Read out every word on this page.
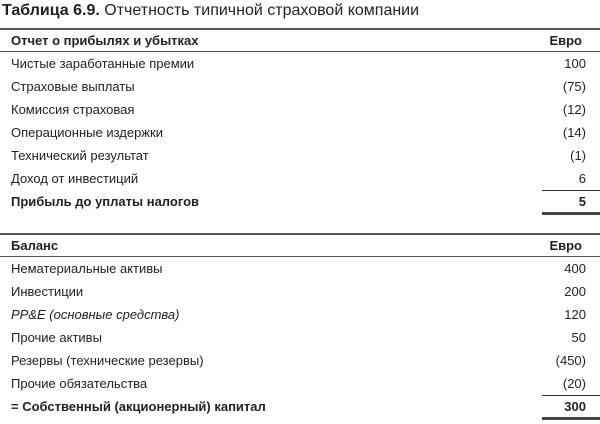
Таблица 6.9. Отчетность типичной страховой компании
Отчет о прибылях и убытках	Евро
Чистые заработанные премии	100
Страховые выплаты	(75)
Комиссия страховая	(12)
Операционные издержки	(14)
Технический результат	(1)
Доход от инвестиций	6
Прибыль до уплаты налогов	5
Баланс	Евро
Нематериальные активы	400
Инвестиции	200
PP&E (основные средства)	120
Прочие активы	50
Резервы (технические резервы)	(450)
Прочие обязательства	(20)
= Собственный (акционерный) капитал	300
